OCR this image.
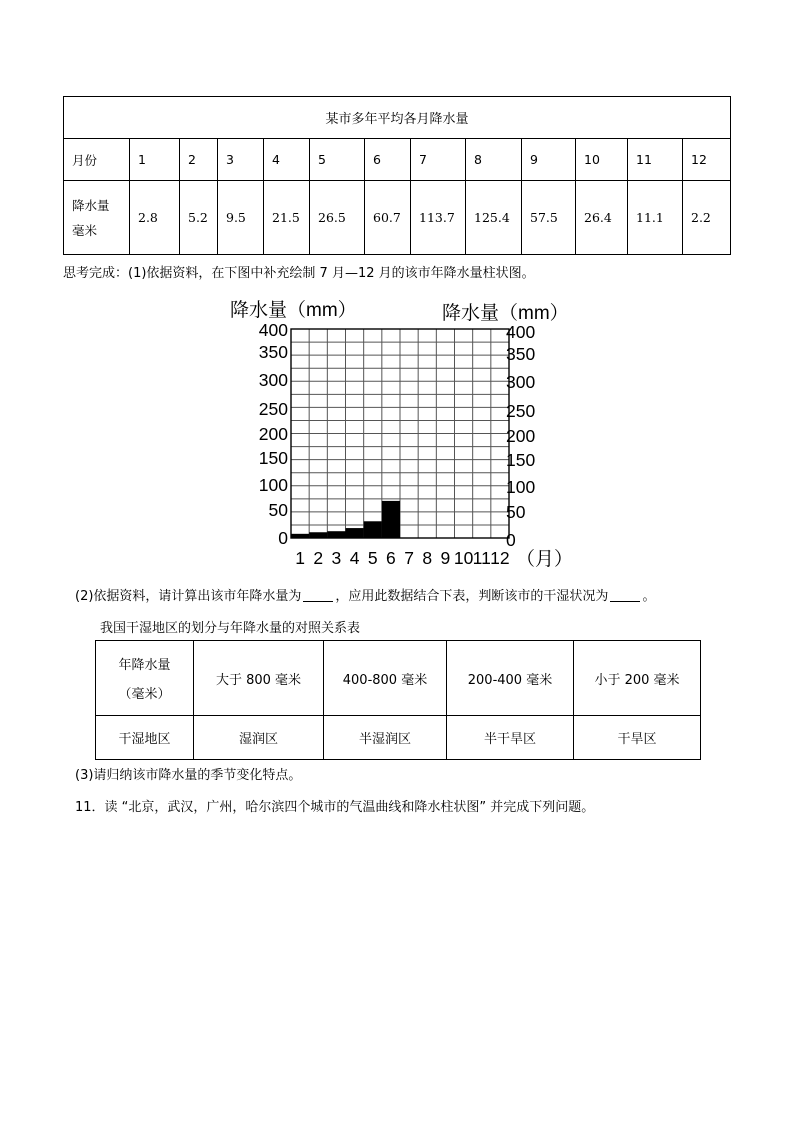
某市多年平均各月降水量												
月份	1	2	3	4	5	6	7	8	9	10	11	12

降水量
毫米	2.8	5.2	9.5	21.5	26.5	60.7	113.7	125.4	57.5	26.4	11.1	2.2
思考完成：(1)依据资料，在下图中补充绘制 7 月—12 月的该市年降水量柱状图。
降水量（mm）	降水量（mm）
400	400
350	350
300	300
250	250
200	200
150	150
100	100
50	50
0	0
1 2 3 4 5 6 7 8 9 10 11 12 （月）
(2)依据资料，请计算出该市年降水量为	，应用此数据结合下表，判断该市的干湿状况为	。
我国干湿地区的划分与年降水量的对照关系表
年降水量
（毫米）	大于 800 毫米	400-800 毫米	200-400 毫米	小于 200 毫米
干湿地区	湿润区	半湿润区	半干旱区	干旱区
(3)请归纳该市降水量的季节变化特点。
11．读 “北京，武汉，广州，哈尔滨四个城市的气温曲线和降水柱状图” 并完成下列问题。
